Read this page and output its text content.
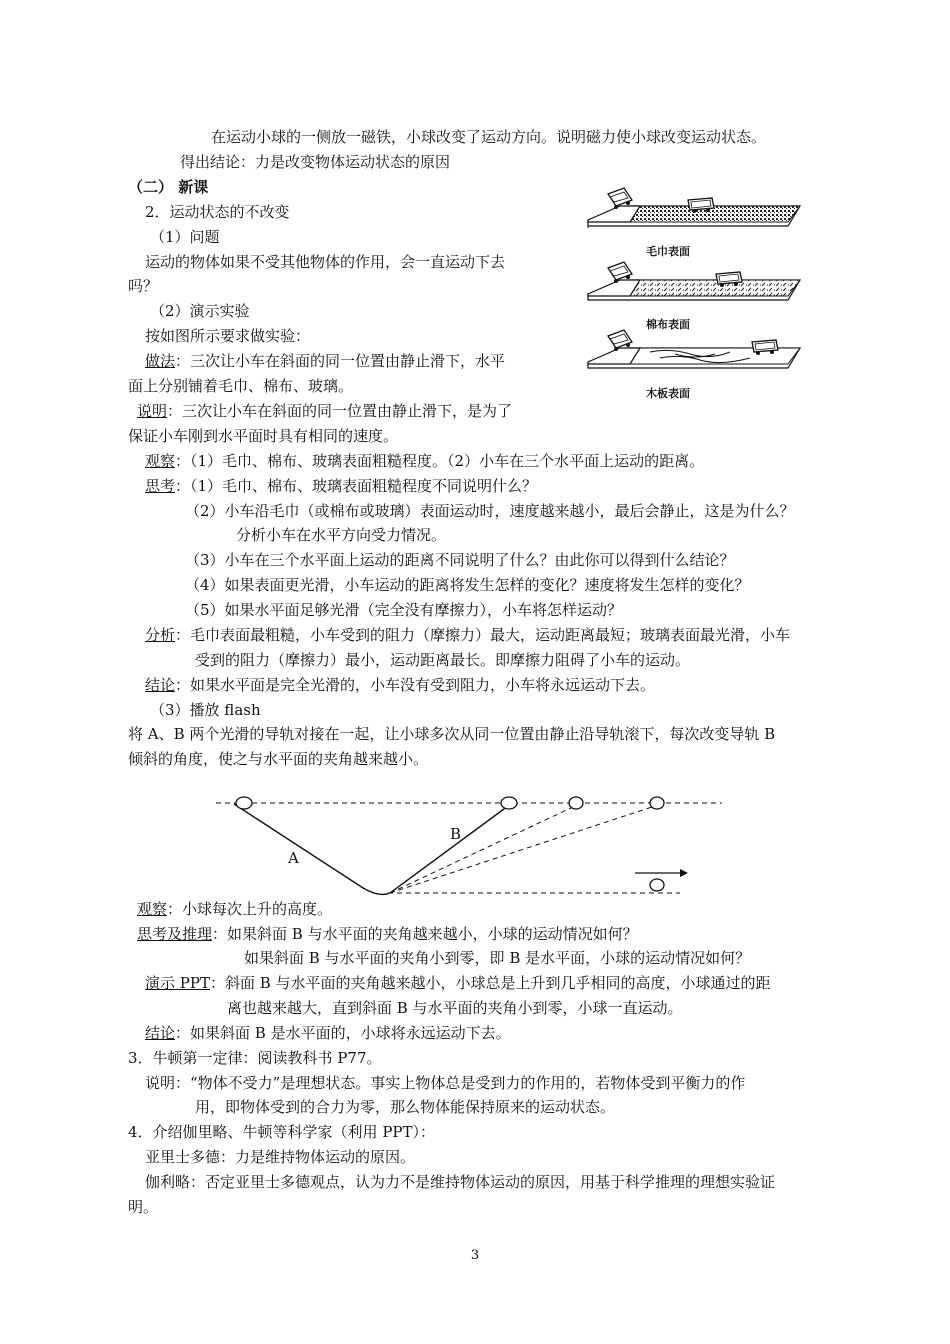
在运动小球的一侧放一磁铁，小球改变了运动方向。说明磁力使小球改变运动状态。
得出结论：力是改变物体运动状态的原因
（二） 新课
2．运动状态的不改变
（1）问题
运动的物体如果不受其他物体的作用，会一直运动下去
吗？
（2）演示实验
按如图所示要求做实验：
做法：三次让小车在斜面的同一位置由静止滑下，水平
面上分别铺着毛巾、棉布、玻璃。
说明：三次让小车在斜面的同一位置由静止滑下，是为了
保证小车刚到水平面时具有相同的速度。
观察：（1）毛巾、棉布、玻璃表面粗糙程度。（2）小车在三个水平面上运动的距离。
思考：（1）毛巾、棉布、玻璃表面粗糙程度不同说明什么？
（2）小车沿毛巾（或棉布或玻璃）表面运动时，速度越来越小，最后会静止，这是为什么？
分析小车在水平方向受力情况。
（3）小车在三个水平面上运动的距离不同说明了什么？由此你可以得到什么结论？
（4）如果表面更光滑，小车运动的距离将发生怎样的变化？速度将发生怎样的变化？
（5）如果水平面足够光滑（完全没有摩擦力），小车将怎样运动？
分析：毛巾表面最粗糙，小车受到的阻力（摩擦力）最大，运动距离最短；玻璃表面最光滑，小车
受到的阻力（摩擦力）最小，运动距离最长。即摩擦力阻碍了小车的运动。
结论：如果水平面是完全光滑的，小车没有受到阻力，小车将永远运动下去。
（3）播放 flash
将 A、B 两个光滑的导轨对接在一起，让小球多次从同一位置由静止沿导轨滚下，每次改变导轨 B
倾斜的角度，使之与水平面的夹角越来越小。
观察：小球每次上升的高度。
思考及推理：如果斜面 B 与水平面的夹角越来越小，小球的运动情况如何？
如果斜面 B 与水平面的夹角小到零，即 B 是水平面，小球的运动情况如何？
演示 PPT：斜面 B 与水平面的夹角越来越小，小球总是上升到几乎相同的高度，小球通过的距
离也越来越大，直到斜面 B 与水平面的夹角小到零，小球一直运动。
结论：如果斜面 B 是水平面的，小球将永远运动下去。
3．牛顿第一定律：阅读教科书 P77。
说明：“物体不受力”是理想状态。事实上物体总是受到力的作用的，若物体受到平衡力的作
用，即物体受到的合力为零，那么物体能保持原来的运动状态。
4．介绍伽里略、牛顿等科学家（利用 PPT）：
亚里士多德：力是维持物体运动的原因。
伽利略：否定亚里士多德观点，认为力不是维持物体运动的原因，用基于科学推理的理想实验证
明。
毛巾表面
棉布表面
木板表面
A
B
3
